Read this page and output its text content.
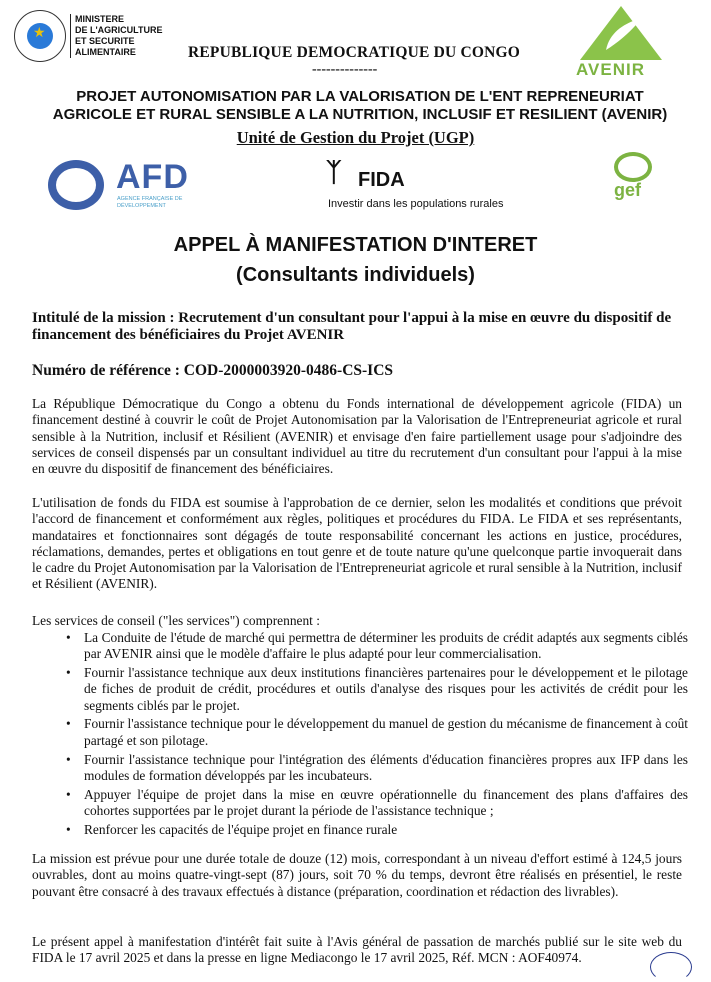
★
MINISTERE
DE L'AGRICULTURE
ET SECURITE ALIMENTAIRE	REPUBLIQUE DEMOCRATIQUE DU CONGO
--------------	AVENIR
PROJET AUTONOMISATION PAR LA VALORISATION DE L'ENT REPRENEURIAT AGRICOLE ET RURAL SENSIBLE A LA NUTRITION, INCLUSIF ET RESILIENT (AVENIR)
Unité de Gestion du Projet (UGP)
AFD
AGENCE FRANÇAISE DE DÉVELOPPEMENT
ᛉ FIDA
Investir dans les populations rurales
gef
APPEL À MANIFESTATION D'INTERET
(Consultants individuels)
Intitulé de la mission : Recrutement d'un consultant pour l'appui à la mise en œuvre du dispositif de financement des bénéficiaires du Projet AVENIR
Numéro de référence : COD-2000003920-0486-CS-ICS
La République Démocratique du Congo a obtenu du Fonds international de développement agricole (FIDA) un financement destiné à couvrir le coût de Projet Autonomisation par la Valorisation de l'Entrepreneuriat agricole et rural sensible à la Nutrition, inclusif et Résilient (AVENIR) et envisage d'en faire partiellement usage pour s'adjoindre des services de conseil dispensés par un consultant individuel au titre du recrutement d'un consultant pour l'appui à la mise en œuvre du dispositif de financement des bénéficiaires.
L'utilisation de fonds du FIDA est soumise à l'approbation de ce dernier, selon les modalités et conditions que prévoit l'accord de financement et conformément aux règles, politiques et procédures du FIDA. Le FIDA et ses représentants, mandataires et fonctionnaires sont dégagés de toute responsabilité concernant les actions en justice, procédures, réclamations, demandes, pertes et obligations en tout genre et de toute nature qu'une quelconque partie invoquerait dans le cadre du Projet Autonomisation par la Valorisation de l'Entrepreneuriat agricole et rural sensible à la Nutrition, inclusif et Résilient (AVENIR).
Les services de conseil ("les services") comprennent :
• La Conduite de l'étude de marché qui permettra de déterminer les produits de crédit adaptés aux segments ciblés par AVENIR ainsi que le modèle d'affaire le plus adapté pour leur commercialisation.
• Fournir l'assistance technique aux deux institutions financières partenaires pour le développement et le pilotage de fiches de produit de crédit, procédures et outils d'analyse des risques pour les activités de crédit pour les segments ciblés par le projet.
• Fournir l'assistance technique pour le développement du manuel de gestion du mécanisme de financement à coût partagé et son pilotage.
• Fournir l'assistance technique pour l'intégration des éléments d'éducation financières propres aux IFP dans les modules de formation développés par les incubateurs.
• Appuyer l'équipe de projet dans la mise en œuvre opérationnelle du financement des plans d'affaires des cohortes supportées par le projet durant la période de l'assistance technique ;
• Renforcer les capacités de l'équipe projet en finance rurale
La mission est prévue pour une durée totale de douze (12) mois, correspondant à un niveau d'effort estimé à 124,5 jours ouvrables, dont au moins quatre-vingt-sept (87) jours, soit 70 % du temps, devront être réalisés en présentiel, le reste pouvant être consacré à des travaux effectués à distance (préparation, coordination et rédaction des livrables).
Le présent appel à manifestation d'intérêt fait suite à l'Avis général de passation de marchés publié sur le site web du FIDA le 17 avril 2025 et dans la presse en ligne Mediacongo le 17 avril 2025, Réf. MCN : AOF40974.
